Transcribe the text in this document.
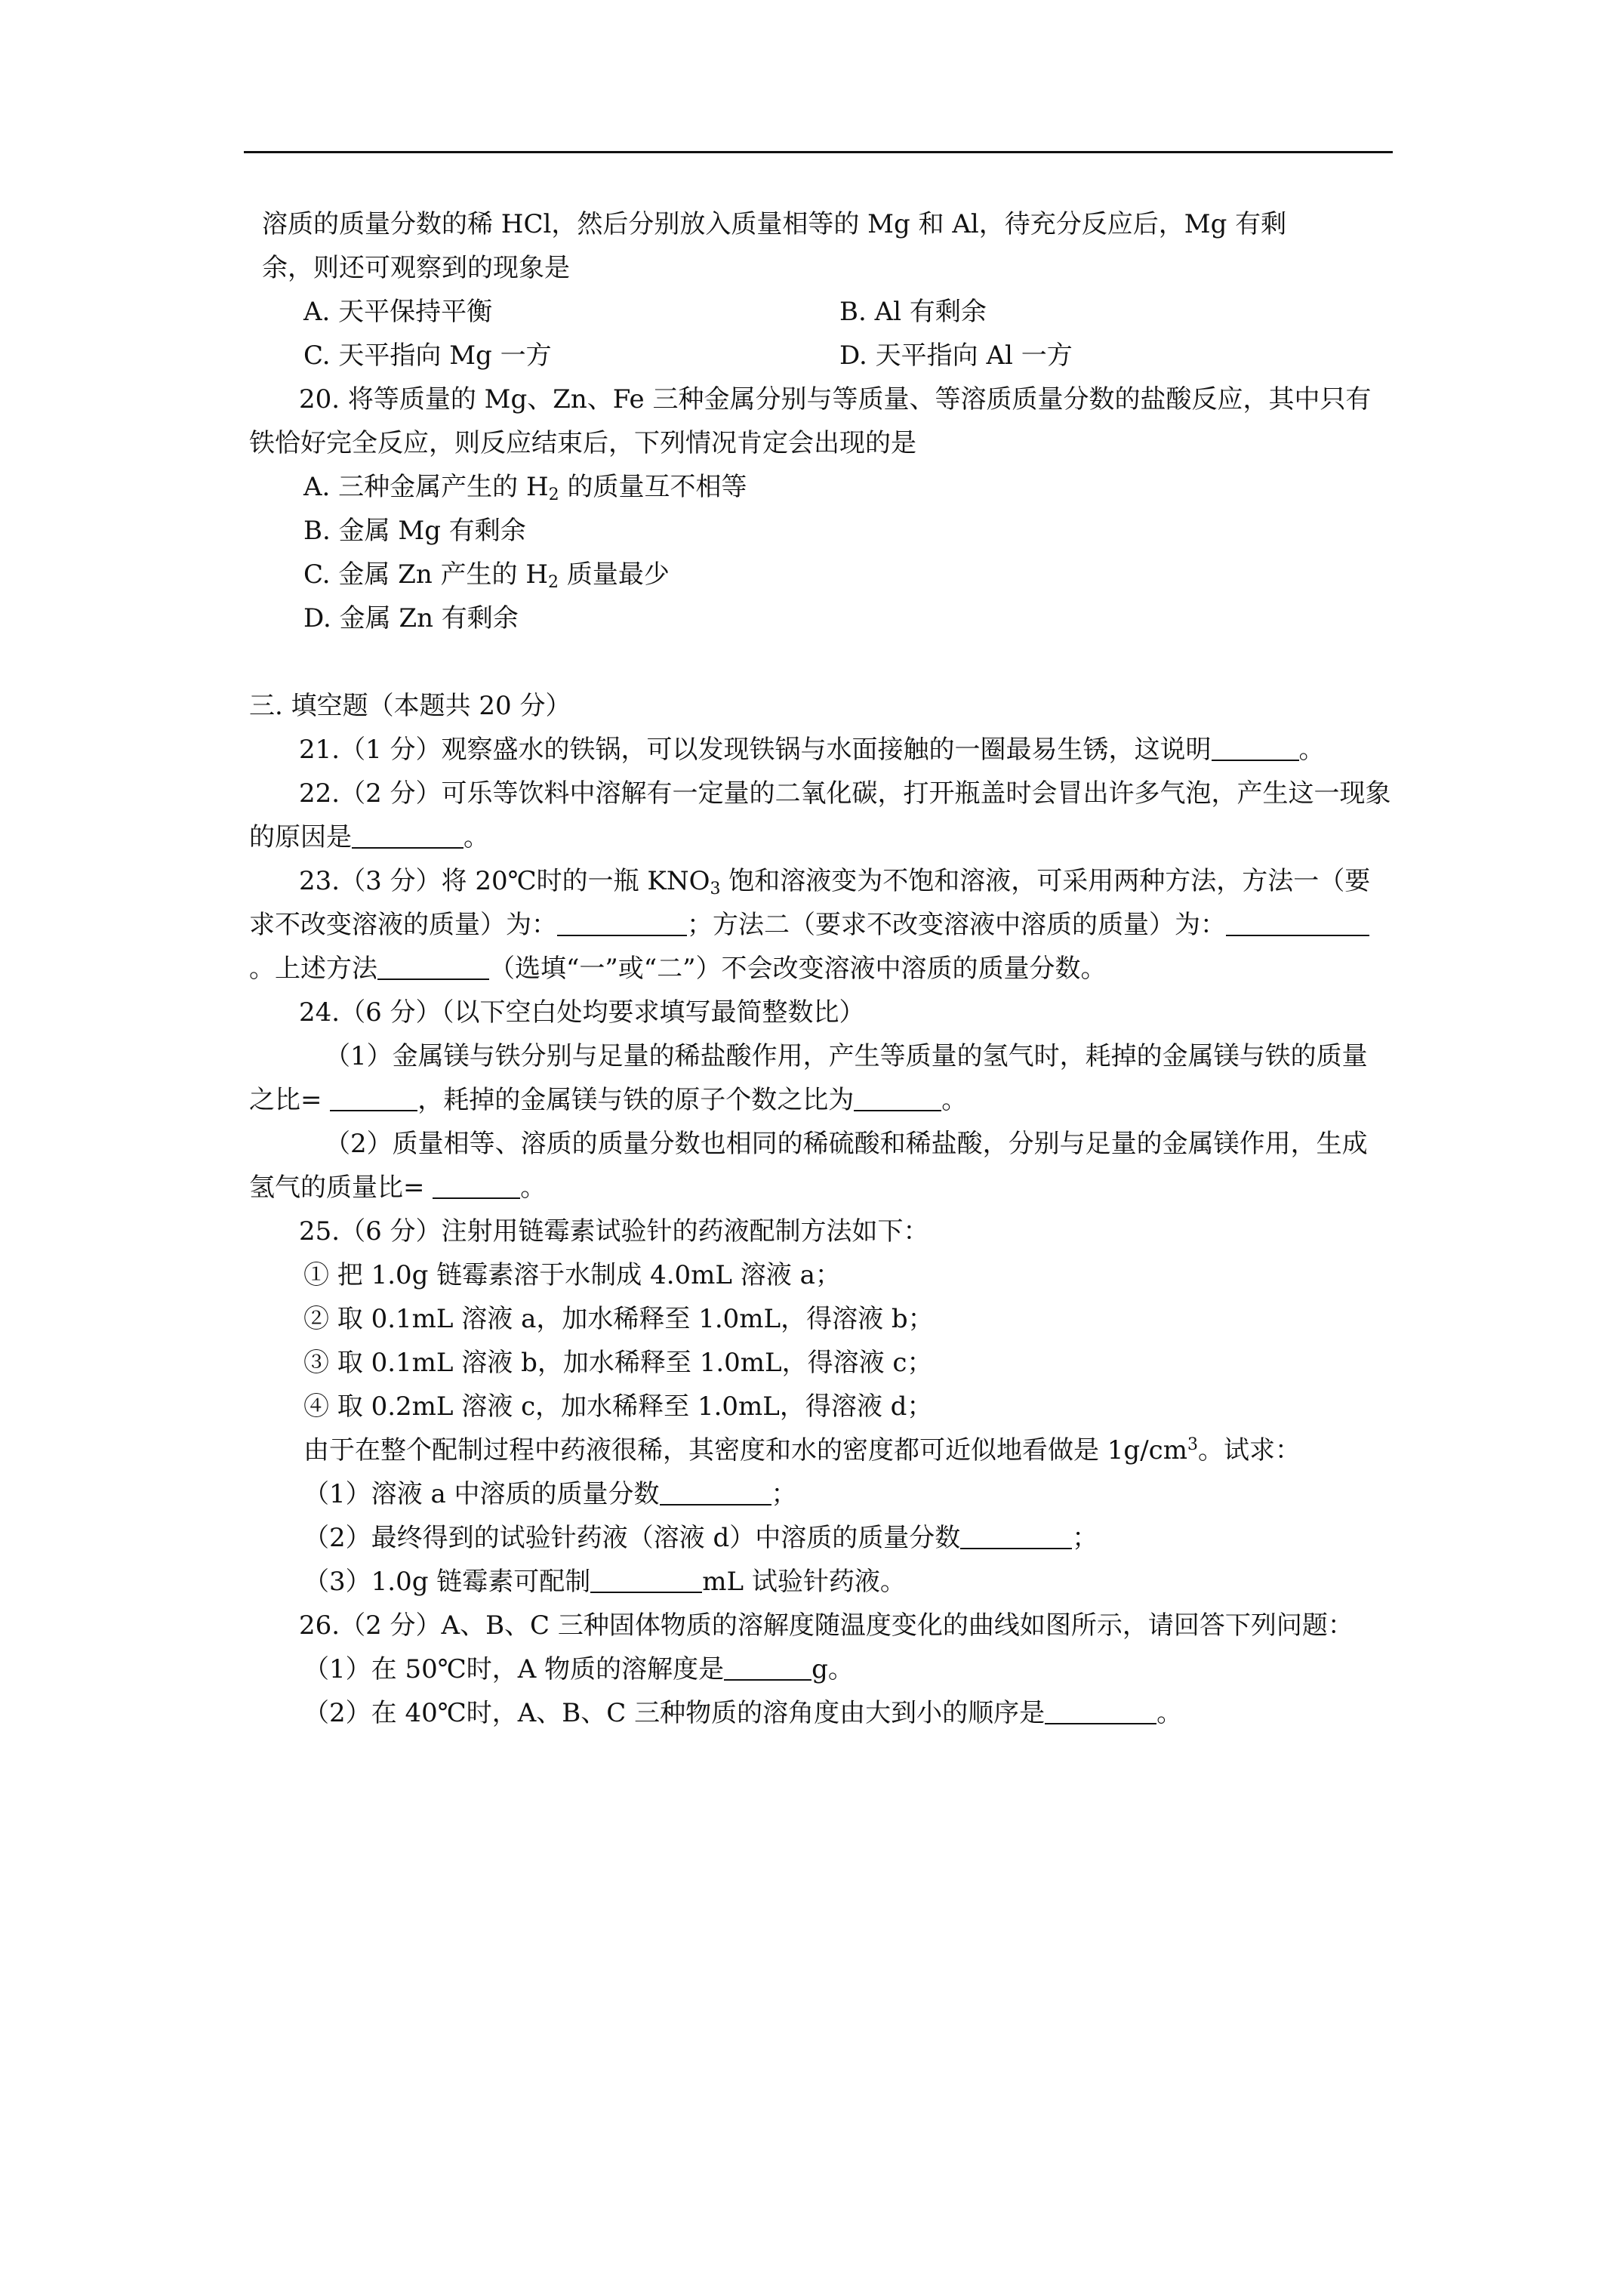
溶质的质量分数的稀 HCl，然后分别放入质量相等的 Mg 和 Al，待充分反应后，Mg 有剩

余，则还可观察到的现象是

A. 天平保持平衡	B. Al 有剩余
C. 天平指向 Mg 一方	D. 天平指向 Al 一方

20. 将等质量的 Mg、Zn、Fe 三种金属分别与等质量、等溶质质量分数的盐酸反应，其中只有铁恰好完全反应，则反应结束后，下列情况肯定会出现的是

A. 三种金属产生的 $H_2$ 的质量互不相等
B. 金属 Mg 有剩余
C. 金属 Zn 产生的 $H_2$ 质量最少
D. 金属 Zn 有剩余

三. 填空题（本题共 20 分）

21.（1 分）观察盛水的铁锅，可以发现铁锅与水面接触的一圈最易生锈，这说明	。

22.（2 分）可乐等饮料中溶解有一定量的二氧化碳，打开瓶盖时会冒出许多气泡，产生这一现象的原因是	。

23.（3 分）将 20℃时的一瓶 $KNO_3$ 饱和溶液变为不饱和溶液，可采用两种方法，方法一（要求不改变溶液的质量）为：	；方法二（要求不改变溶液中溶质的质量）为：。上述方法	（选填“一”或“二”）不会改变溶液中溶质的质量分数。

24.（6 分）（以下空白处均要求填写最简整数比）

（1）金属镁与铁分别与足量的稀盐酸作用，产生等质量的氢气时，耗掉的金属镁与铁的质量之比=	，耗掉的金属镁与铁的原子个数之比为	。

（2）质量相等、溶质的质量分数也相同的稀硫酸和稀盐酸，分别与足量的金属镁作用，生成氢气的质量比=	。

25.（6 分）注射用链霉素试验针的药液配制方法如下：

① 把 1.0g 链霉素溶于水制成 4.0mL 溶液 a；
② 取 0.1mL 溶液 a，加水稀释至 1.0mL，得溶液 b；
③ 取 0.1mL 溶液 b，加水稀释至 1.0mL，得溶液 c；
④ 取 0.2mL 溶液 c，加水稀释至 1.0mL，得溶液 d；
由于在整个配制过程中药液很稀，其密度和水的密度都可近似地看做是 $1g/cm^3$。试求：
（1）溶液 a 中溶质的质量分数	；
（2）最终得到的试验针药液（溶液 d）中溶质的质量分数	；
（3）1.0g 链霉素可配制	mL 试验针药液。

26.（2 分）A、B、C 三种固体物质的溶解度随温度变化的曲线如图所示，请回答下列问题：

（1）在 50℃时，A 物质的溶解度是	g。
（2）在 40℃时，A、B、C 三种物质的溶角度由大到小的顺序是	。
